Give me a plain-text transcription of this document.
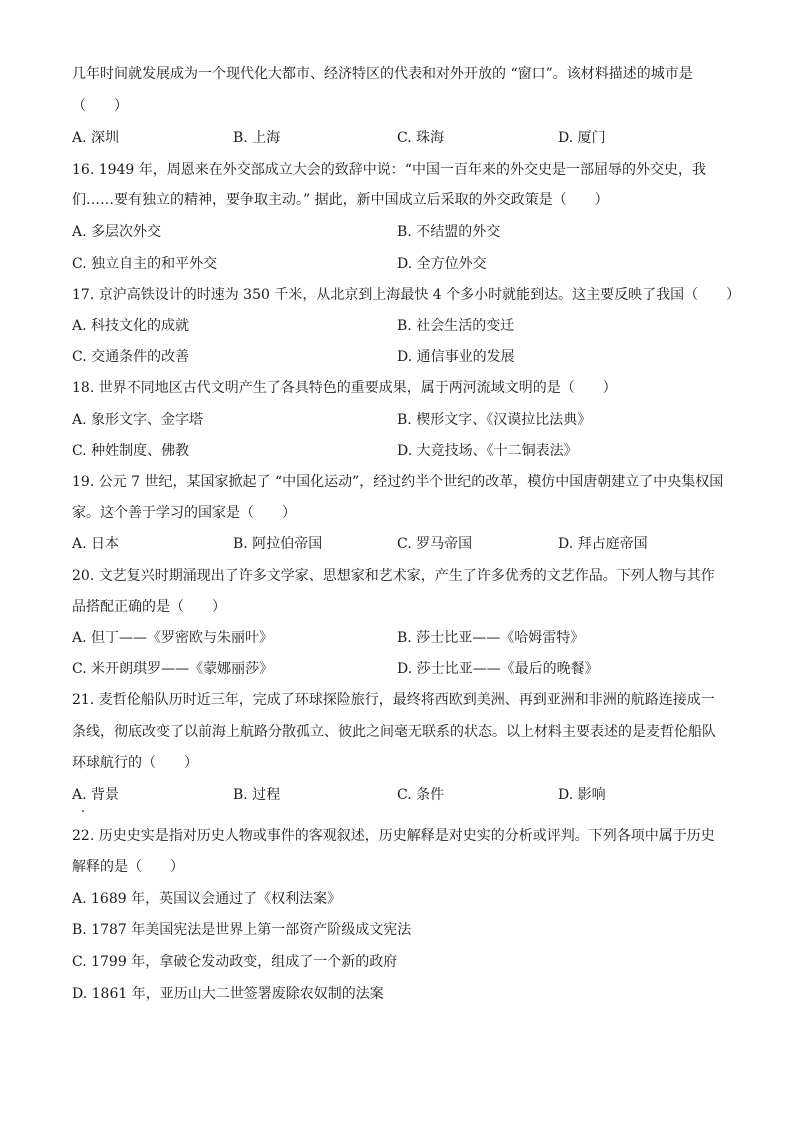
几年时间就发展成为一个现代化大都市、经济特区的代表和对外开放的 “窗口”。该材料描述的城市是
（　　）
A. 深圳	B. 上海	C. 珠海	D. 厦门
16. 1949 年，周恩来在外交部成立大会的致辞中说：“中国一百年来的外交史是一部屈辱的外交史，我
们……要有独立的精神，要争取主动。” 据此，新中国成立后采取的外交政策是（　　）
A. 多层次外交	B. 不结盟的外交
C. 独立自主的和平外交	D. 全方位外交
17. 京沪高铁设计的时速为 350 千米，从北京到上海最快 4 个多小时就能到达。这主要反映了我国（　　）
A. 科技文化的成就	B. 社会生活的变迁
C. 交通条件的改善	D. 通信事业的发展
18. 世界不同地区古代文明产生了各具特色的重要成果，属于两河流域文明的是（　　）
A. 象形文字、金字塔	B. 楔形文字、《汉谟拉比法典》
C. 种姓制度、佛教	D. 大竞技场、《十二铜表法》
19. 公元 7 世纪，某国家掀起了 “中国化运动”，经过约半个世纪的改革，模仿中国唐朝建立了中央集权国
家。这个善于学习的国家是（　　）
A. 日本	B. 阿拉伯帝国	C. 罗马帝国	D. 拜占庭帝国
20. 文艺复兴时期涌现出了许多文学家、思想家和艺术家，产生了许多优秀的文艺作品。下列人物与其作
品搭配正确的是（　　）
A. 但丁——《罗密欧与朱丽叶》	B. 莎士比亚——《哈姆雷特》
C. 米开朗琪罗——《蒙娜丽莎》	D. 莎士比亚——《最后的晚餐》
21. 麦哲伦船队历时近三年，完成了环球探险旅行，最终将西欧到美洲、再到亚洲和非洲的航路连接成一
条线，彻底改变了以前海上航路分散孤立、彼此之间毫无联系的状态。以上材料主要表述的是麦哲伦船队
环球航行的（　　）
A. 背景	B. 过程	C. 条件	D. 影响
22. 历史史实是指对历史人物或事件的客观叙述，历史解释是对史实的分析或评判。下列各项中属于历史
解释的是（　　）
A. 1689 年，英国议会通过了《权利法案》
B. 1787 年美国宪法是世界上第一部资产阶级成文宪法
C. 1799 年，拿破仑发动政变，组成了一个新的政府
D. 1861 年，亚历山大二世签署废除农奴制的法案
